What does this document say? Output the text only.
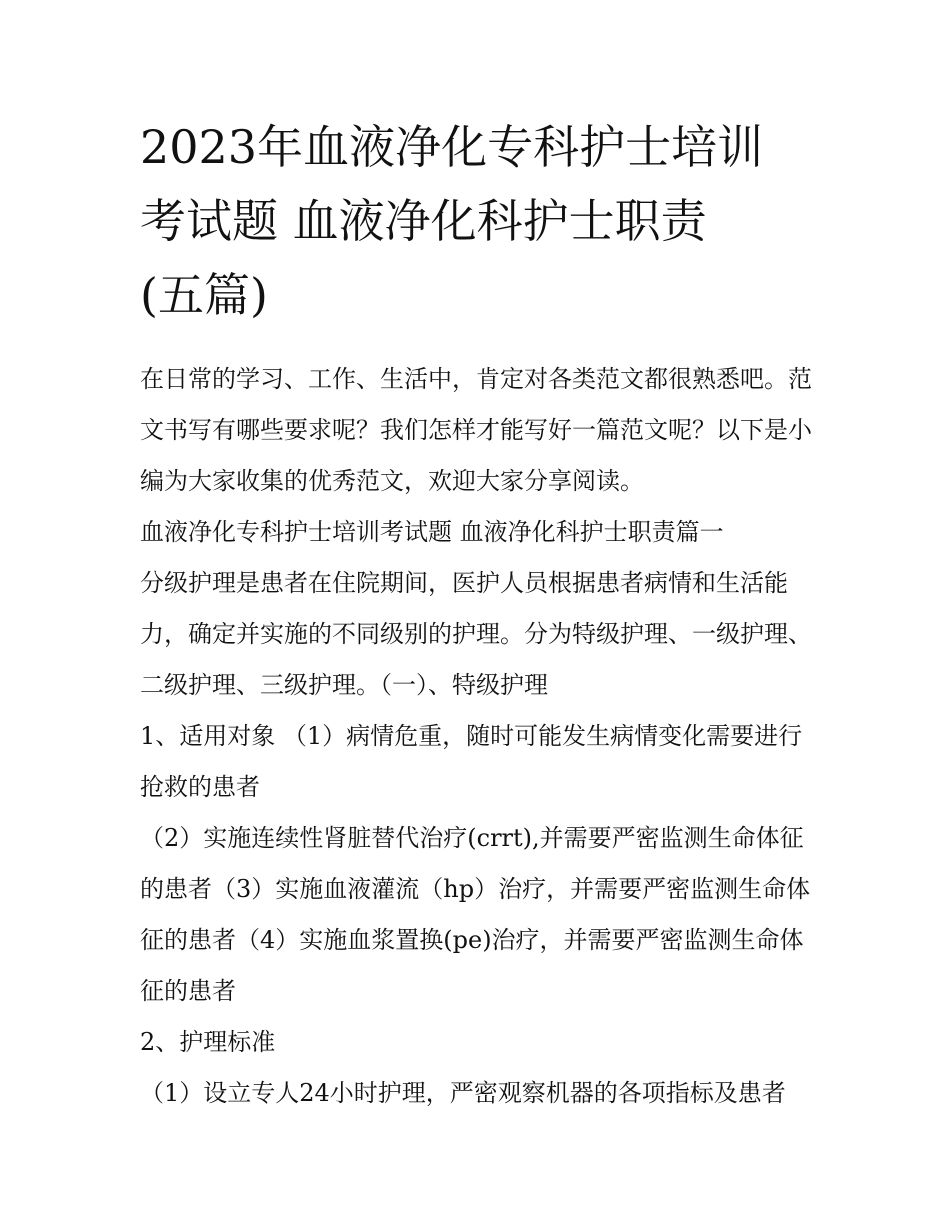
2023年血液净化专科护士培训
考试题 血液净化科护士职责
(五篇)

在日常的学习、工作、生活中，肯定对各类范文都很熟悉吧。范文书写有哪些要求呢？我们怎样才能写好一篇范文呢？以下是小编为大家收集的优秀范文，欢迎大家分享阅读。

血液净化专科护士培训考试题 血液净化科护士职责篇一

分级护理是患者在住院期间，医护人员根据患者病情和生活能力，确定并实施的不同级别的护理。分为特级护理、一级护理、二级护理、三级护理。（一）、特级护理

1、适用对象 （1）病情危重，随时可能发生病情变化需要进行抢救的患者

（2）实施连续性肾脏替代治疗(crrt),并需要严密监测生命体征的患者（3）实施血液灌流（hp）治疗，并需要严密监测生命体征的患者（4）实施血浆置换(pe)治疗，并需要严密监测生命体征的患者

2、护理标准

（1）设立专人24小时护理，严密观察机器的各项指标及患者
